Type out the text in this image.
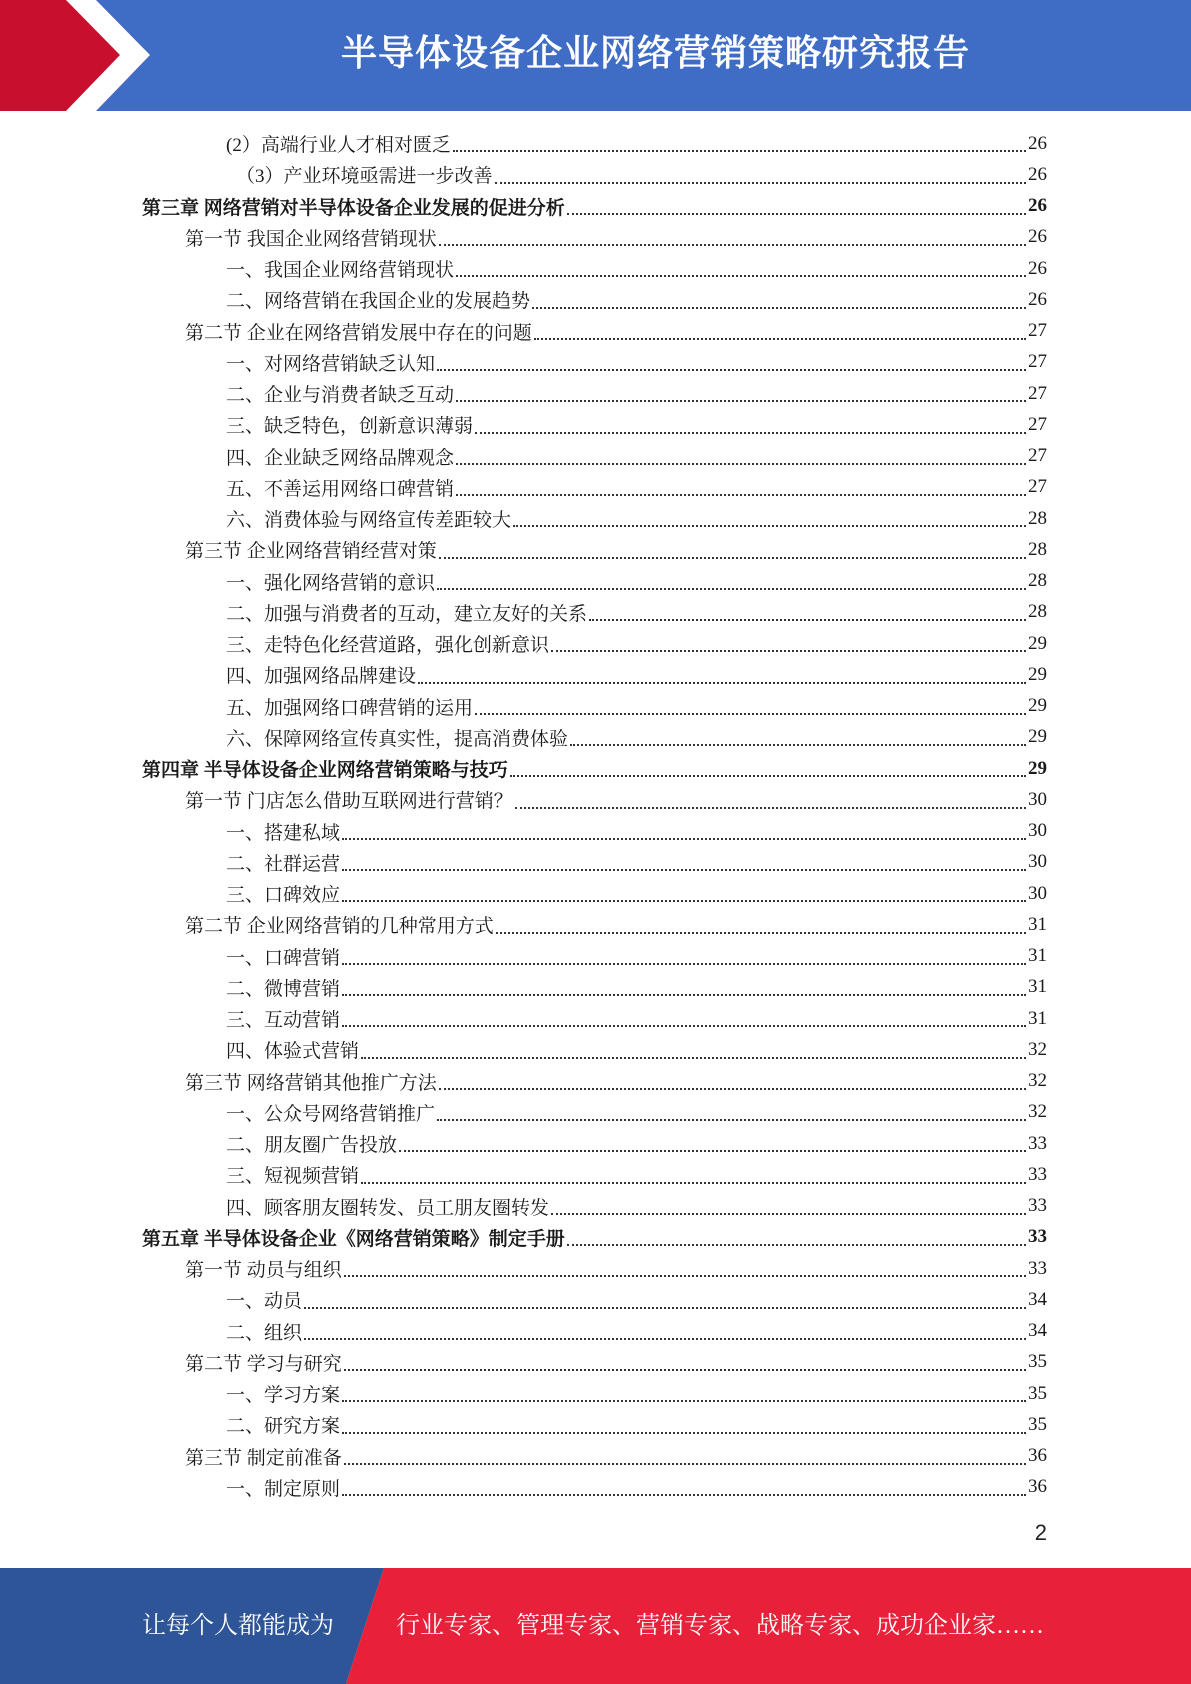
半导体设备企业网络营销策略研究报告
(2）高端行业人才相对匮乏	26
（3）产业环境亟需进一步改善	26
第三章 网络营销对半导体设备企业发展的促进分析	26
第一节 我国企业网络营销现状	26
一、我国企业网络营销现状	26
二、网络营销在我国企业的发展趋势	26
第二节 企业在网络营销发展中存在的问题	27
一、对网络营销缺乏认知	27
二、企业与消费者缺乏互动	27
三、缺乏特色，创新意识薄弱	27
四、企业缺乏网络品牌观念	27
五、不善运用网络口碑营销	27
六、消费体验与网络宣传差距较大	28
第三节 企业网络营销经营对策	28
一、强化网络营销的意识	28
二、加强与消费者的互动，建立友好的关系	28
三、走特色化经营道路，强化创新意识	29
四、加强网络品牌建设	29
五、加强网络口碑营销的运用	29
六、保障网络宣传真实性，提高消费体验	29
第四章 半导体设备企业网络营销策略与技巧	29
第一节 门店怎么借助互联网进行营销？	30
一、搭建私域	30
二、社群运营	30
三、口碑效应	30
第二节 企业网络营销的几种常用方式	31
一、口碑营销	31
二、微博营销	31
三、互动营销	31
四、体验式营销	32
第三节 网络营销其他推广方法	32
一、公众号网络营销推广	32
二、朋友圈广告投放	33
三、短视频营销	33
四、顾客朋友圈转发、员工朋友圈转发	33
第五章 半导体设备企业《网络营销策略》制定手册	33
第一节 动员与组织	33
一、动员	34
二、组织	34
第二节 学习与研究	35
一、学习方案	35
二、研究方案	35
第三节 制定前准备	36
一、制定原则	36
2
让每个人都能成为	行业专家、管理专家、营销专家、战略专家、成功企业家……
